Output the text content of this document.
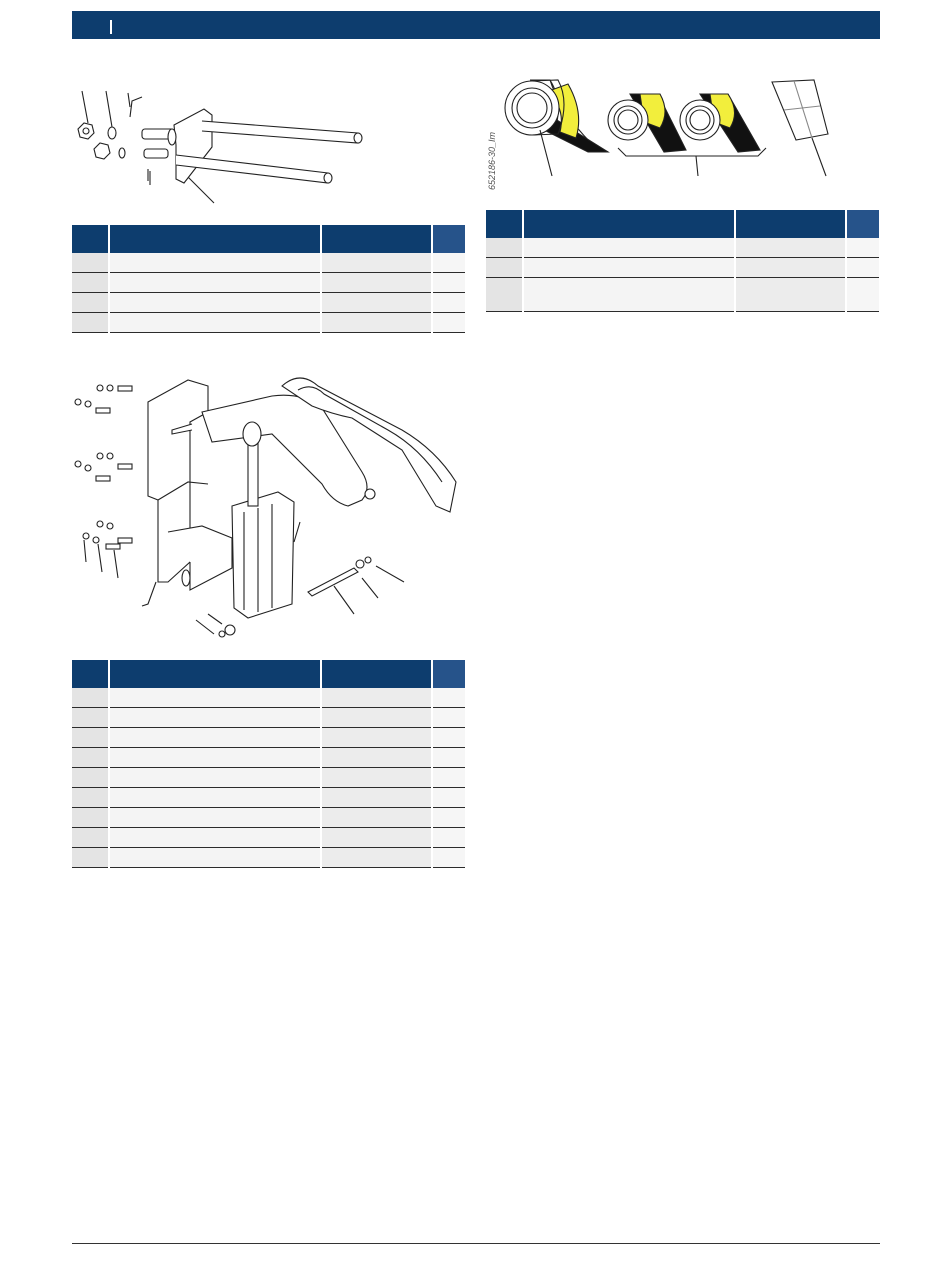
652186-30_Im
